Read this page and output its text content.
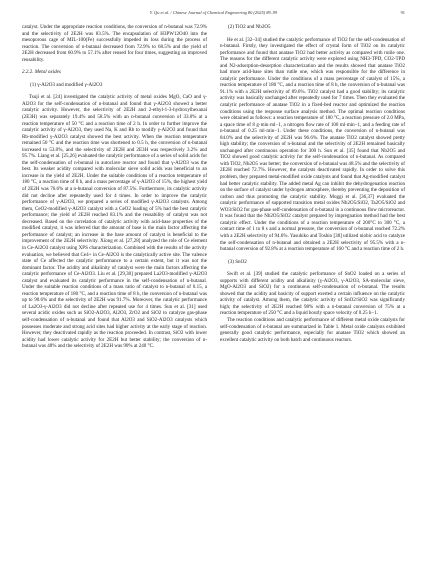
Y. Qu et al. / Chinese Journal of Chemical Engineering 80 (2025) 89–99	91

catalyst. Under the appropriate reaction conditions, the conversion of n-butanal was 72.9% and the selectivity of 2E2H was 83.5%. The encapsulation of H3PW12O40 into the mesoporous cage of MIL-100(Fe) successfully impeded its loss during the process of reaction. The conversion of n-butanal decreased from 72.9% to 68.5% and the yield of 2E2H decreased from 60.9% to 57.1% after reused for four times, suggesting an improved reusability.

2.2.2. Metal oxides
(1) γ-Al2O3 and modified γ-Al2O3

Tsuji et al. [24] investigated the catalytic activity of metal oxides MgO, CaO and γ-Al2O3 for the self-condensation of n-butanal and found that γ-Al2O3 showed a better catalytic activity. However, the selectivity of 2E2H and 2-ethyl-1-3-hydroxylhexanal (2E3H) was separately 19.4% and 58.5% with an n-butanal conversion of 33.0% at a reaction temperature of 50 °C and a reaction time of 2 h. In order to further improve the catalytic activity of γ-Al2O3, they used Na, K and Rb to modify γ-Al2O3 and found that Rb-modified γ-Al2O3 catalyst showed the best activity. When the reaction temperature remained 50 °C and the reaction time was shortened to 0.5 h, the conversion of n-butanal increased to 53.0%, and the selectivity of 2E2H and 2E3H was respectively 3.2% and 95.7%. Liang et al. [25,26] evaluated the catalytic performance of a series of solid acids for the self-condensation of n-butanal in autoclave reactor and found that γ-Al2O3 was the best. Its weaker acidity compared with molecular sieve solid acids was beneficial to an increase in the yield of 2E2H. Under the suitable conditions of a reaction temperature of 180 °C, a reaction time of 8 h, and a mass percentage of γ-Al2O3 of 15%, the highest yield of 2E2H was 76.6% at a n-butanal conversion of 87.5%. Furthermore, its catalytic activity did not decline after repeatedly used for 4 times. In order to improve the catalytic performance of γ-Al2O3, we prepared a series of modified γ-Al2O3 catalysts. Among them, CeO2-modified γ-Al2O3 catalyst with a CeO2 loading of 5% had the best catalytic performance; the yield of 2E2H reached 83.1% and the reusability of catalyst was not decreased. Based on the correlation of catalytic activity with acid-base properties of the modified catalyst, it was inferred that the amount of base is the main factor affecting the performance of catalyst; an increase in the base amount of catalyst is beneficial to the improvement of the 2E2H selectivity. Xiong et al. [27,28] analyzed the role of Ce element in Ce-Al2O3 catalyst using XPS characterization. Combined with the results of the activity evaluation, we believed that Ce4+ in Ce-Al2O3 is the catalytically active site. The valence state of Ce affected the catalytic performance to a certain extent, but it was not the dominant factor. The acidity and alkalinity of catalyst were the main factors affecting the catalytic performance of Ce-Al2O3. Liu et al. [29,30] prepared La2O3-modified γ-Al2O3 catalyst and evaluated its catalytic performance in the self-condensation of n-butanal. Under the suitable reaction conditions of a mass ratio of catalyst to n-butanal of 0.15, a reaction temperature of 180 °C, and a reaction time of 8 h, the conversion of n-butanal was up to 90.6% and the selectivity of 2E2H was 91.7%. Moreover, the catalytic performance of La2O3-γ-Al2O3 did not decline after repeated use for 4 times. Sun et al. [31] used several acidic oxides such as SiO2-Al2O3, Al2O3, ZrO2 and SiO2 to catalyze gas-phase self-condensation of n-butanal and found that Al2O3 and SiO2-Al2O3 catalysts which possesses moderate and strong acid sites had higher activity at the early stage of reaction. However, they deactivated rapidly as the reaction proceeded. In contrast, SiO2 with lower acidity had lower catalytic activity for 2E2H but better stability; the conversion of n-butanal was 48% and the selectivity of 2E2H was 90% at 240 °C.

(2) TiO2 and Nb2O5

He et al. [32–34] studied the catalytic performance of TiO2 for the self-condensation of n-butanal. Firstly, they investigated the effect of crystal form of TiO2 on its catalytic performance and found that anatase TiO2 had better activity as compared with rutile one. The reasons for the different catalytic activity were explored using NH3-TPD, CO2-TPD and N2-adsorption-desorption characterization and the results showed that anatase TiO2 had more acid-base sites than rutile one, which was responsible for the difference in catalytic performance. Under the conditions of a mass percentage of catalyst of 15%, a reaction temperature of 180 °C, and a reaction time of 8 h, the conversion of n-butanal was 91.1% with a 2E2H selectivity of 89.6%. TiO2 catalyst had a good stability; its catalytic activity was basically unchanged after repeatedly used for 7 times. Then they evaluated the catalytic performance of anatase TiO2 in a fixed-bed reactor and optimized the reaction conditions using the response surface analysis method. The optimal reaction conditions were obtained as follows: a reaction temperature of 180 °C, a reaction pressure of 2.0 MPa, a space time of 8 g·min·ml−1, a nitrogen flow rate of 100 ml·min−1, and a feeding rate of n-butanal of 0.25 ml·min−1. Under these conditions, the conversion of n-butanal was 84.0% and the selectivity of 2E2H was 96.6%. The anatase TiO2 catalyst showed pretty high stability; the conversion of n-butanal and the selectivity of 2E2H remained basically unchanged after continuous operation for 300 h. Sun et al. [35] found that Nb2O5 and TiO2 showed good catalytic activity for the self-condensation of n-butanal. As compared with TiO2, Nb2O5 was better; the conversion of n-butanal was 48.5% and the selectivity of 2E2H reached 72.7%. However, the catalysts deactivated rapidly. In order to solve this problem, they prepared metal-modified oxide catalysts and found that Ag-modified catalyst had better catalytic stability. The added metal Ag can inhibit the dehydrogenation reaction on the surface of catalyst under hydrogen atmosphere, thereby preventing the deposition of carbon and thus promoting the catalytic stability. Moggi et al. [36,37] evaluated the catalytic performance of supported transition metal oxides Nb2O5/SiO2, Ta2O5/SiO2 and WO3/SiO2 for gas-phase self-condensation of n-butanal in a continuous flow microreactor. It was found that the Nb2O5/SiO2 catalyst prepared by impregnation method had the best catalytic effect. Under the conditions of a reaction temperature of 200°C to 300 °C, a contact time of 1 to 8 s and a normal pressure, the conversion of n-butanal reached 72.2% with a 2E2H selectivity of 94.6%. Yasuhiko and Toshio [38] utilized niobic acid to catalyze the self-condensation of n-butanal and obtained a 2E2H selectivity of 95.5% with a n-butanal conversion of 92.8% at a reaction temperature of 160 °C and a reaction time of 2 h.

(3) SnO2

Swift et al. [39] studied the catalytic performance of SnO2 loaded on a series of supports with different acidity and alkalinity (γ-Al2O3, γ-Al2O3, SA-molecular sieve, MgO-Al2O3 and SiO2) for a continuous self-condensation of n-butanal. The results showed that the acidity and basicity of support exerted a certain influence on the catalytic activity of catalyst. Among them, the catalytic activity of SnO2/SiO2 was significantly high; the selectivity of 2E2H reached 98% with a n-butanal conversion of 75% at a reaction temperature of 250 °C and a liquid hourly space velocity of 0.25 h−1.

The reaction conditions and catalytic performance of different metal oxide catalysts for self-condensation of n-butanal are summarized in Table 1. Metal oxide catalysts exhibited generally good catalytic performance, especially for anatase TiO2 which showed an excellent catalytic activity on both batch and continuous reactors.
